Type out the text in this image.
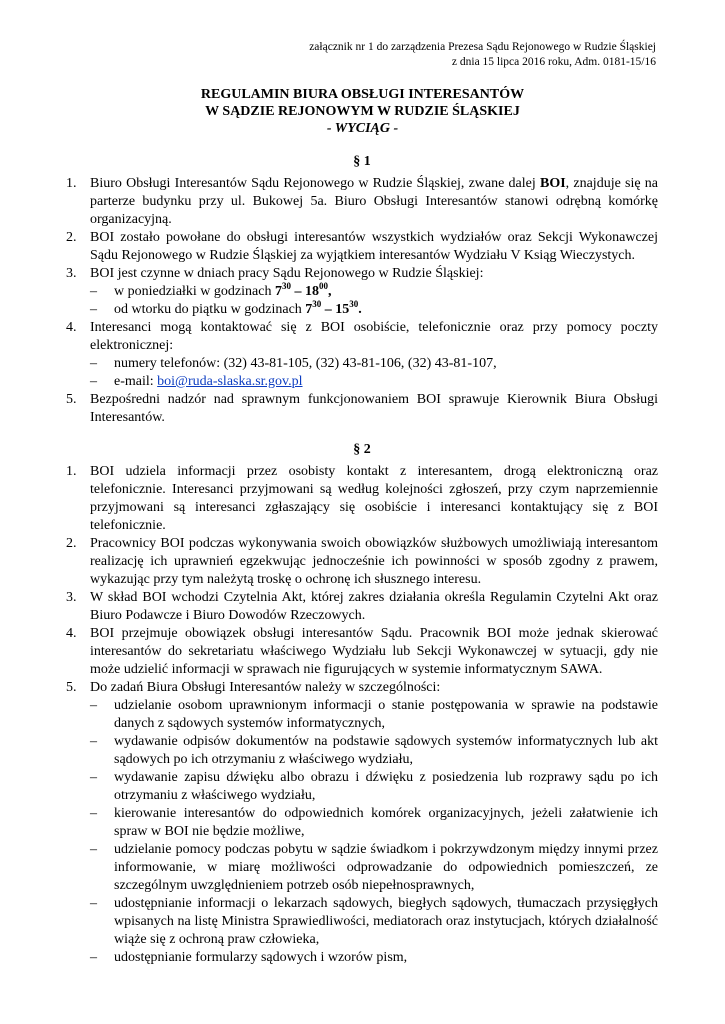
załącznik nr 1 do zarządzenia Prezesa Sądu Rejonowego w Rudzie Śląskiej
z dnia 15 lipca 2016 roku, Adm. 0181-15/16
REGULAMIN BIURA OBSŁUGI INTERESANTÓW
W SĄDZIE REJONOWYM W RUDZIE ŚLĄSKIEJ
- WYCIĄG -
§ 1
1. Biuro Obsługi Interesantów Sądu Rejonowego w Rudzie Śląskiej, zwane dalej BOI, znajduje się na parterze budynku przy ul. Bukowej 5a. Biuro Obsługi Interesantów stanowi odrębną komórkę organizacyjną.
2. BOI zostało powołane do obsługi interesantów wszystkich wydziałów oraz Sekcji Wykonawczej Sądu Rejonowego w Rudzie Śląskiej za wyjątkiem interesantów Wydziału V Ksiąg Wieczystych.
3. BOI jest czynne w dniach pracy Sądu Rejonowego w Rudzie Śląskiej:
– w poniedziałki w godzinach $7^{30} - 18^{00}$,
– od wtorku do piątku w godzinach $7^{30} - 15^{30}$.
4. Interesanci mogą kontaktować się z BOI osobiście, telefonicznie oraz przy pomocy poczty elektronicznej:
– numery telefonów: (32) 43-81-105, (32) 43-81-106, (32) 43-81-107,
– e-mail: boi@ruda-slaska.sr.gov.pl
5. Bezpośredni nadzór nad sprawnym funkcjonowaniem BOI sprawuje Kierownik Biura Obsługi Interesantów.
§ 2
1. BOI udziela informacji przez osobisty kontakt z interesantem, drogą elektroniczną oraz telefonicznie. Interesanci przyjmowani są według kolejności zgłoszeń, przy czym naprzemiennie przyjmowani są interesanci zgłaszający się osobiście i interesanci kontaktujący się z BOI telefonicznie.
2. Pracownicy BOI podczas wykonywania swoich obowiązków służbowych umożliwiają interesantom realizację ich uprawnień egzekwując jednocześnie ich powinności w sposób zgodny z prawem, wykazując przy tym należytą troskę o ochronę ich słusznego interesu.
3. W skład BOI wchodzi Czytelnia Akt, której zakres działania określa Regulamin Czytelni Akt oraz Biuro Podawcze i Biuro Dowodów Rzeczowych.
4. BOI przejmuje obowiązek obsługi interesantów Sądu. Pracownik BOI może jednak skierować interesantów do sekretariatu właściwego Wydziału lub Sekcji Wykonawczej w sytuacji, gdy nie może udzielić informacji w sprawach nie figurujących w systemie informatycznym SAWA.
5. Do zadań Biura Obsługi Interesantów należy w szczególności:
– udzielanie osobom uprawnionym informacji o stanie postępowania w sprawie na podstawie danych z sądowych systemów informatycznych,
– wydawanie odpisów dokumentów na podstawie sądowych systemów informatycznych lub akt sądowych po ich otrzymaniu z właściwego wydziału,
– wydawanie zapisu dźwięku albo obrazu i dźwięku z posiedzenia lub rozprawy sądu po ich otrzymaniu z właściwego wydziału,
– kierowanie interesantów do odpowiednich komórek organizacyjnych, jeżeli załatwienie ich spraw w BOI nie będzie możliwe,
– udzielanie pomocy podczas pobytu w sądzie świadkom i pokrzywdzonym między innymi przez informowanie, w miarę możliwości odprowadzanie do odpowiednich pomieszczeń, ze szczególnym uwzględnieniem potrzeb osób niepełnosprawnych,
– udostępnianie informacji o lekarzach sądowych, biegłych sądowych, tłumaczach przysięgłych wpisanych na listę Ministra Sprawiedliwości, mediatorach oraz instytucjach, których działalność wiąże się z ochroną praw człowieka,
– udostępnianie formularzy sądowych i wzorów pism,
